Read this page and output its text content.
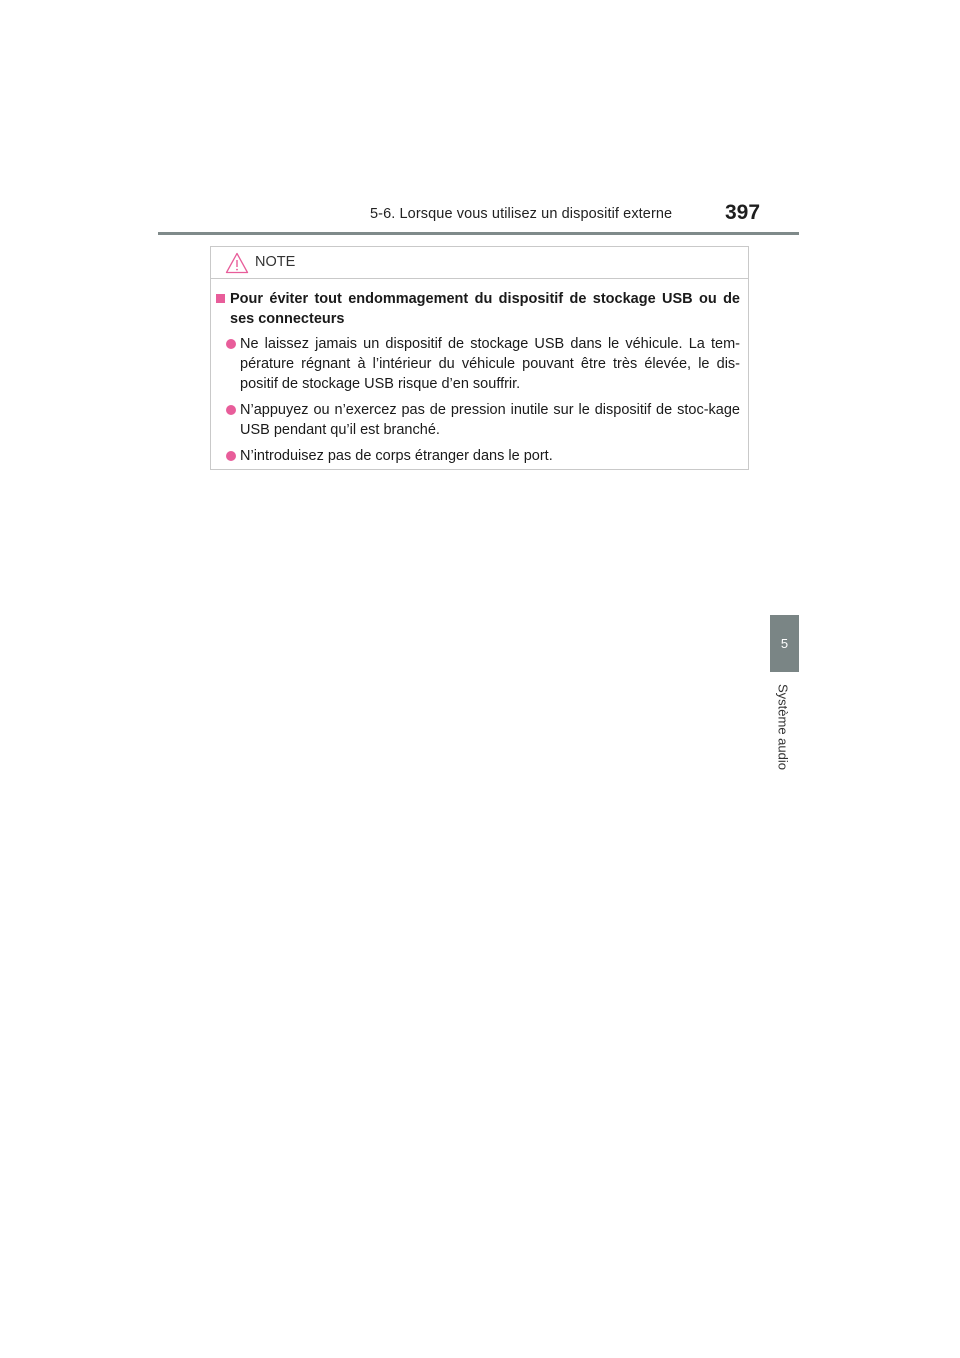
5-6. Lorsque vous utilisez un dispositif externe	397
5
Système audio
NOTE
Pour éviter tout endommagement du dispositif de stockage USB ou de ses connecteurs
Ne laissez jamais un dispositif de stockage USB dans le véhicule. La tem-pérature régnant à l’intérieur du véhicule pouvant être très élevée, le dis-positif de stockage USB risque d’en souffrir.
N’appuyez ou n’exercez pas de pression inutile sur le dispositif de stoc-kage USB pendant qu’il est branché.
N’introduisez pas de corps étranger dans le port.
